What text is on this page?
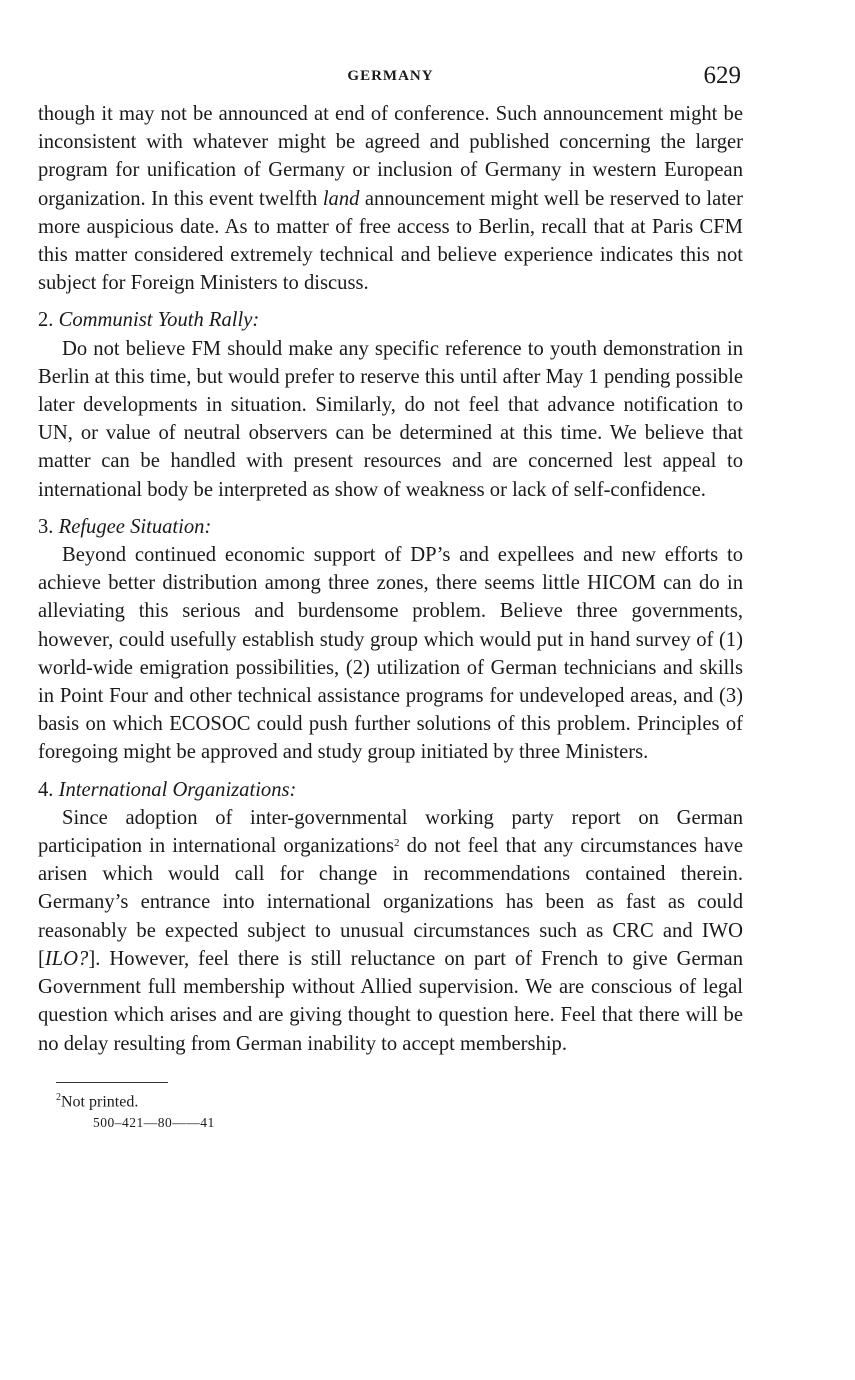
GERMANY	629

though it may not be announced at end of conference. Such announcement might be inconsistent with whatever might be agreed and published concerning the larger program for unification of Germany or inclusion of Germany in western European organization. In this event twelfth land announcement might well be reserved to later more auspicious date. As to matter of free access to Berlin, recall that at Paris CFM this matter considered extremely technical and believe experience indicates this not subject for Foreign Ministers to discuss.

2. Communist Youth Rally:

Do not believe FM should make any specific reference to youth demonstration in Berlin at this time, but would prefer to reserve this until after May 1 pending possible later developments in situation. Similarly, do not feel that advance notification to UN, or value of neutral observers can be determined at this time. We believe that matter can be handled with present resources and are concerned lest appeal to international body be interpreted as show of weakness or lack of self-confidence.

3. Refugee Situation:

Beyond continued economic support of DP’s and expellees and new efforts to achieve better distribution among three zones, there seems little HICOM can do in alleviating this serious and burdensome problem. Believe three governments, however, could usefully establish study group which would put in hand survey of (1) world-wide emigration possibilities, (2) utilization of German technicians and skills in Point Four and other technical assistance programs for undeveloped areas, and (3) basis on which ECOSOC could push further solutions of this problem. Principles of foregoing might be approved and study group initiated by three Ministers.

4. International Organizations:

Since adoption of inter-governmental working party report on German participation in international organizations$^2$ do not feel that any circumstances have arisen which would call for change in recommendations contained therein. Germany’s entrance into international organizations has been as fast as could reasonably be expected subject to unusual circumstances such as CRC and IWO [ILO?]. However, feel there is still reluctance on part of French to give German Government full membership without Allied supervision. We are conscious of legal question which arises and are giving thought to question here. Feel that there will be no delay resulting from German inability to accept membership.

$^2$Not printed.
500–421—80——41
